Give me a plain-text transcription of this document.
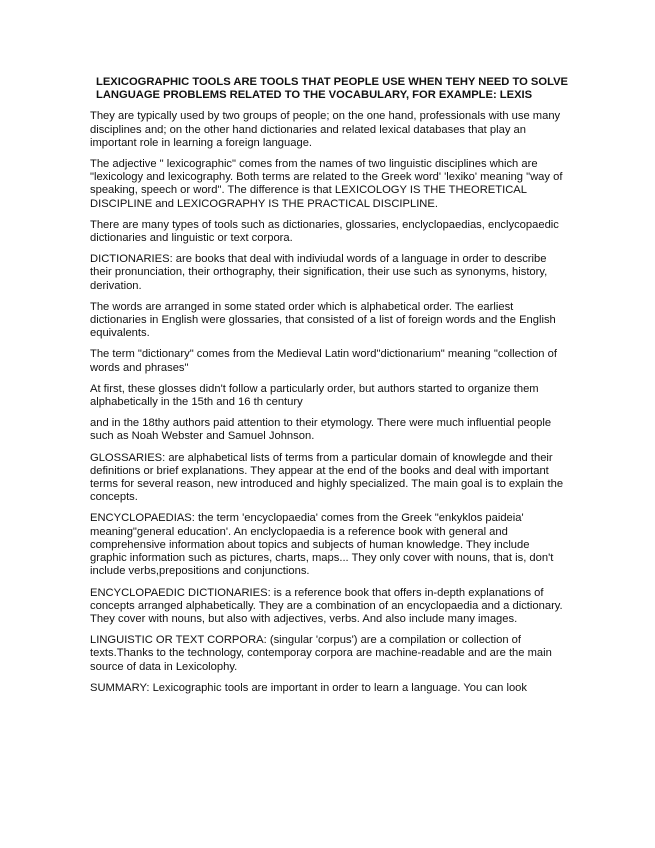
LEXICOGRAPHIC TOOLS ARE TOOLS THAT PEOPLE USE WHEN TEHY NEED TO SOLVE    LANGUAGE PROBLEMS RELATED TO THE VOCABULARY, FOR EXAMPLE: LEXIS

They are typically used by two groups of people; on the one hand, professionals with use many disciplines and; on the other hand dictionaries and related lexical databases that play an important role in learning a foreign language.

The adjective " lexicographic" comes from the names of two linguistic disciplines which are "lexicology and lexicography. Both terms are related to the Greek word' 'lexiko' meaning "way of speaking, speech or word". The difference is that LEXICOLOGY IS THE THEORETICAL DISCIPLINE and LEXICOGRAPHY IS THE PRACTICAL DISCIPLINE.

There are many types of tools such as dictionaries, glossaries, enclyclopaedias, enclycopaedic dictionaries and linguistic or text corpora.

DICTIONARIES: are books that deal with indiviudal words of a language in order to describe their pronunciation, their orthography, their signification, their use such as synonyms, history, derivation.

The words are arranged in some stated order which is alphabetical order. The earliest dictionaries in English were glossaries, that consisted of a list of foreign words and the English equivalents.

The term "dictionary" comes from the Medieval Latin word"dictionarium" meaning "collection of words and phrases"

At first, these glosses didn't follow a particularly order, but authors started to organize them alphabetically in the 15th and 16 th century

and in the 18thy authors paid attention to their etymology. There were much influential people such as Noah Webster and Samuel Johnson.

GLOSSARIES: are alphabetical lists of terms from a particular domain of knowlegde and their definitions or brief explanations. They appear at the end of the books and deal with important terms for several reason, new introduced and highly specialized. The main goal is to explain the concepts.

ENCYCLOPAEDIAS: the term 'encyclopaedia' comes from the Greek "enkyklos paideia' meaning"general education'. An enclyclopaedia is a reference book with general and comprehensive information about topics and subjects of human knowledge. They include graphic information such as pictures, charts, maps... They only cover with nouns, that is, don't include verbs,prepositions and conjunctions.

ENCYCLOPAEDIC DICTIONARIES: is a reference book that offers in-depth explanations of concepts arranged alphabetically. They are a combination of an encyclopaedia and a dictionary. They cover with nouns, but also with adjectives, verbs. And also include many images.

LINGUISTIC OR TEXT CORPORA: (singular 'corpus') are a compilation or collection of texts.Thanks to the technology, contemporay corpora are machine-readable and are the main source of data in Lexicolophy.

SUMMARY: Lexicographic tools are important in order to learn a language. You can look
